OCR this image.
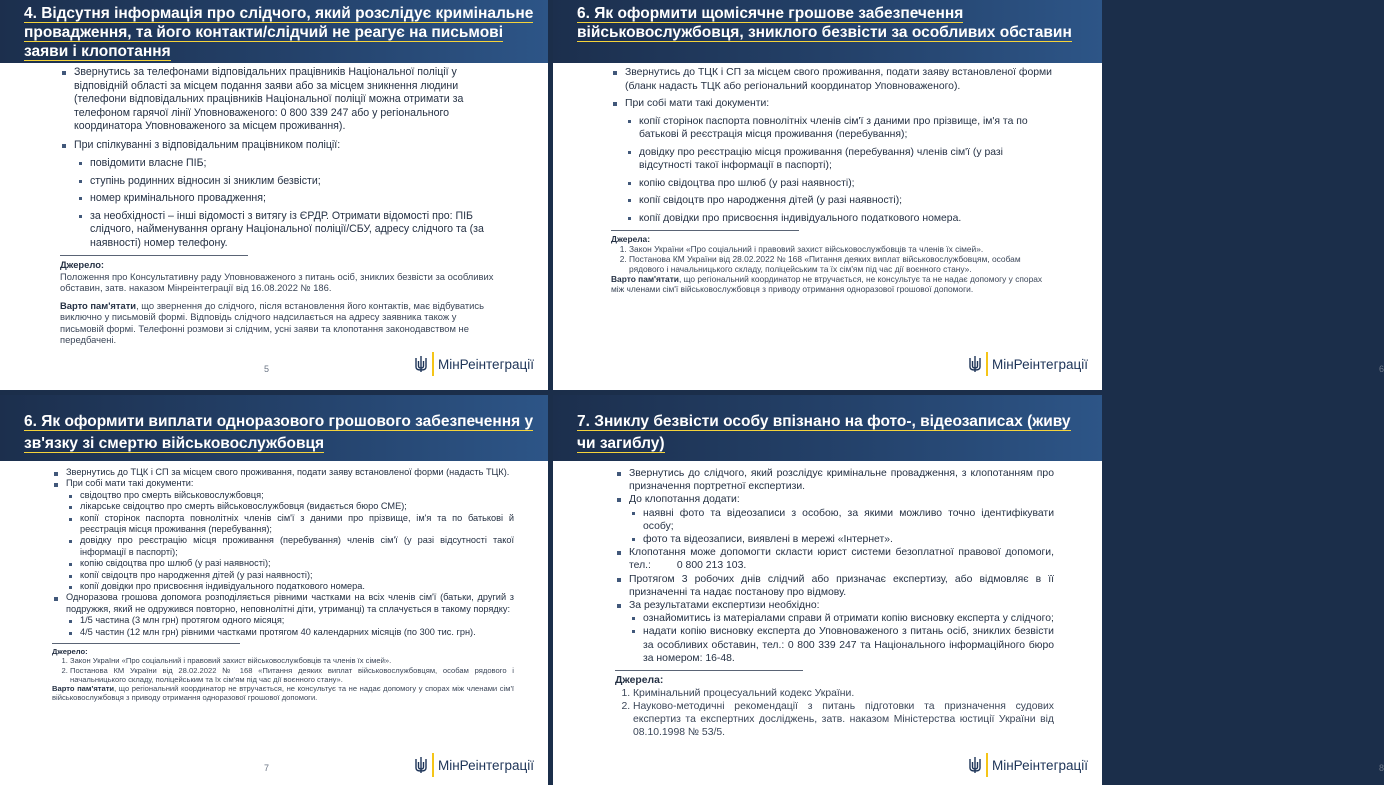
4. Відсутня інформація про слідчого, який розслідує кримінальне провадження, та його контакти/слідчий не реагує на письмові заяви і клопотання
Звернутись за телефонами відповідальних працівників Національної поліції у відповідній області за місцем подання заяви або за місцем зникнення людини (телефони відповідальних працівників Національної поліції можна отримати за телефоном гарячої лінії Уповноваженого: 0 800 339 247 або у регіонального координатора Уповноваженого за місцем проживання).
При спілкуванні з відповідальним працівником поліції:
повідомити власне ПІБ;
ступінь родинних відносин зі зниклим безвісти;
номер кримінального провадження;
за необхідності – інші відомості з витягу із ЄРДР. Отримати відомості про: ПІБ слідчого, найменування органу Національної поліції/СБУ, адресу слідчого та (за наявності) номер телефону.
Джерело:
Положення про Консультативну раду Уповноваженого з питань осіб, зниклих безвісти за особливих обставин, затв. наказом Мінреінтеграції від 16.08.2022 № 186.
Варто пам'ятати, що звернення до слідчого, після встановлення його контактів, має відбуватись виключно у письмовій формі. Відповідь слідчого надсилається на адресу заявника також у письмовій формі. Телефонні розмови зі слідчим, усні заяви та клопотання законодавством не передбачені.
5	МінРеінтеграції
6. Як оформити щомісячне грошове забезпечення військовослужбовця, зниклого безвісти за особливих обставин
Звернутись до ТЦК і СП за місцем свого проживання, подати заяву встановленої форми (бланк надасть ТЦК або регіональний координатор Уповноваженого).
При собі мати такі документи:
копії сторінок паспорта повнолітніх членів сім'ї з даними про прізвище, ім'я та по батькові й реєстрація місця проживання (перебування);
довідку про реєстрацію місця проживання (перебування) членів сім'ї (у разі відсутності такої інформації в паспорті);
копію свідоцтва про шлюб (у разі наявності);
копії свідоцтв про народження дітей (у разі наявності);
копії довідки про присвоєння індивідуального податкового номера.
Джерела:
1. Закон України «Про соціальний і правовий захист військовослужбовців та членів їх сімей».
2. Постанова КМ України від 28.02.2022 № 168 «Питання деяких виплат військовослужбовцям, особам рядового і начальницького складу, поліцейським та їх сім'ям під час дії воєнного стану».
Варто пам'ятати, що регіональний координатор не втручається, не консультує та не надає допомогу у спорах між членами сім'ї військовослужбовця з приводу отримання одноразової грошової допомоги.
6
МінРеінтеграції
6. Як оформити виплати одноразового грошового забезпечення у зв'язку зі смертю військовослужбовця
Звернутись до ТЦК і СП за місцем свого проживання, подати заяву встановленої форми (надасть ТЦК).
При собі мати такі документи:
свідоцтво про смерть військовослужбовця;
лікарське свідоцтво про смерть військовослужбовця (видається бюро СМЕ);
копії сторінок паспорта повнолітніх членів сім'ї з даними про прізвище, ім'я та по батькові й реєстрація місця проживання (перебування);
довідку про реєстрацію місця проживання (перебування) членів сім'ї (у разі відсутності такої інформації в паспорті);
копію свідоцтва про шлюб (у разі наявності);
копії свідоцтв про народження дітей (у разі наявності);
копії довідки про присвоєння індивідуального податкового номера.
Одноразова грошова допомога розподіляється рівними частками на всіх членів сім'ї (батьки, другий з подружжя, який не одружився повторно, неповнолітні діти, утриманці) та сплачується в такому порядку:
1/5 частина (3 млн грн) протягом одного місяця;
4/5 частин (12 млн грн) рівними частками протягом 40 календарних місяців (по 300 тис. грн).
Джерело:
1. Закон України «Про соціальний і правовий захист військовослужбовців та членів їх сімей».
2. Постанова КМ України від 28.02.2022 № 168 «Питання деяких виплат військовослужбовцям, особам рядового і начальницького складу, поліцейським та їх сім'ям під час дії воєнного стану».
Варто пам'ятати, що регіональний координатор не втручається, не консультує та не надає допомогу у спорах між членами сім'ї військовослужбовця з приводу отримання одноразової грошової допомоги.
7	МінРеінтеграції
7. Зниклу безвісти особу впізнано на фото-, відеозаписах (живу чи загиблу)
Звернутись до слідчого, який розслідує кримінальне провадження, з клопотанням про призначення портретної експертизи.
До клопотання додати:
наявні фото та відеозаписи з особою, за якими можливо точно ідентифікувати особу;
фото та відеозаписи, виявлені в мережі «Інтернет».
Клопотання може допомогти скласти юрист системи безоплатної правової допомоги, тел.:         0 800 213 103.
Протягом 3 робочих днів слідчий або призначає експертизу, або відмовляє в її призначенні та надає постанову про відмову.
За результатами експертизи необхідно:
ознайомитись із матеріалами справи й отримати копію висновку експерта у слідчого;
надати копію висновку експерта до Уповноваженого з питань осіб, зниклих безвісти за особливих обставин, тел.: 0 800 339 247 та Національного інформаційного бюро за номером: 16-48.
Джерела:
1. Кримінальний процесуальний кодекс України.
2. Науково-методичні рекомендації з питань підготовки та призначення судових експертиз та експертних досліджень, затв. наказом Міністерства юстиції України від 08.10.1998 № 53/5.
8
МінРеінтеграції
